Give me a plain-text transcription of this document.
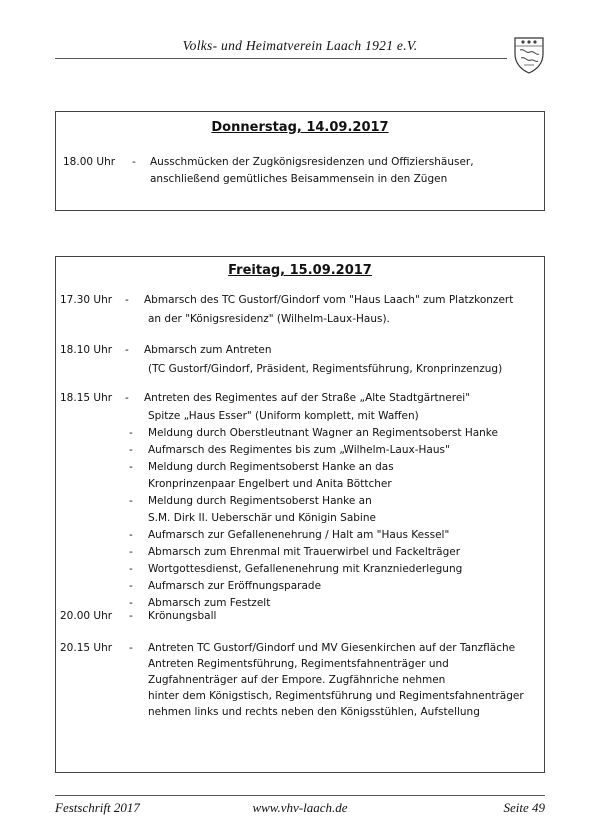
Volks- und Heimatverein Laach 1921 e.V.
Donnerstag, 14.09.2017
18.00 Uhr - Ausschmücken der Zugkönigsresidenzen und Offiziershäuser,
anschließend gemütliches Beisammensein in den Zügen
Freitag, 15.09.2017
17.30 Uhr - Abmarsch des TC Gustorf/Gindorf vom "Haus Laach" zum Platzkonzert
an der "Königsresidenz" (Wilhelm-Laux-Haus).
18.10 Uhr - Abmarsch zum Antreten
(TC Gustorf/Gindorf, Präsident, Regimentsführung, Kronprinzenzug)
18.15 Uhr - Antreten des Regimentes auf der Straße „Alte Stadtgärtnerei"
Spitze „Haus Esser" (Uniform komplett, mit Waffen)
- Meldung durch Oberstleutnant Wagner an Regimentsoberst Hanke
- Aufmarsch des Regimentes bis zum „Wilhelm-Laux-Haus"
- Meldung durch Regimentsoberst Hanke an das
Kronprinzenpaar Engelbert und Anita Böttcher
- Meldung durch Regimentsoberst Hanke an
S.M. Dirk II. Ueberschär und Königin Sabine
- Aufmarsch zur Gefallenenehrung / Halt am "Haus Kessel"
- Abmarsch zum Ehrenmal mit Trauerwirbel und Fackelträger
- Wortgottesdienst, Gefallenenehrung mit Kranzniederlegung
- Aufmarsch zur Eröffnungsparade
- Abmarsch zum Festzelt
20.00 Uhr - Krönungsball
20.15 Uhr - Antreten TC Gustorf/Gindorf und MV Giesenkirchen auf der Tanzfläche
Antreten Regimentsführung, Regimentsfahnenträger und
Zugfahnenträger auf der Empore. Zugfähnriche nehmen
hinter dem Königstisch, Regimentsführung und Regimentsfahnenträger
nehmen links und rechts neben den Königsstühlen, Aufstellung
Festschrift 2017	www.vhv-laach.de	Seite 49
